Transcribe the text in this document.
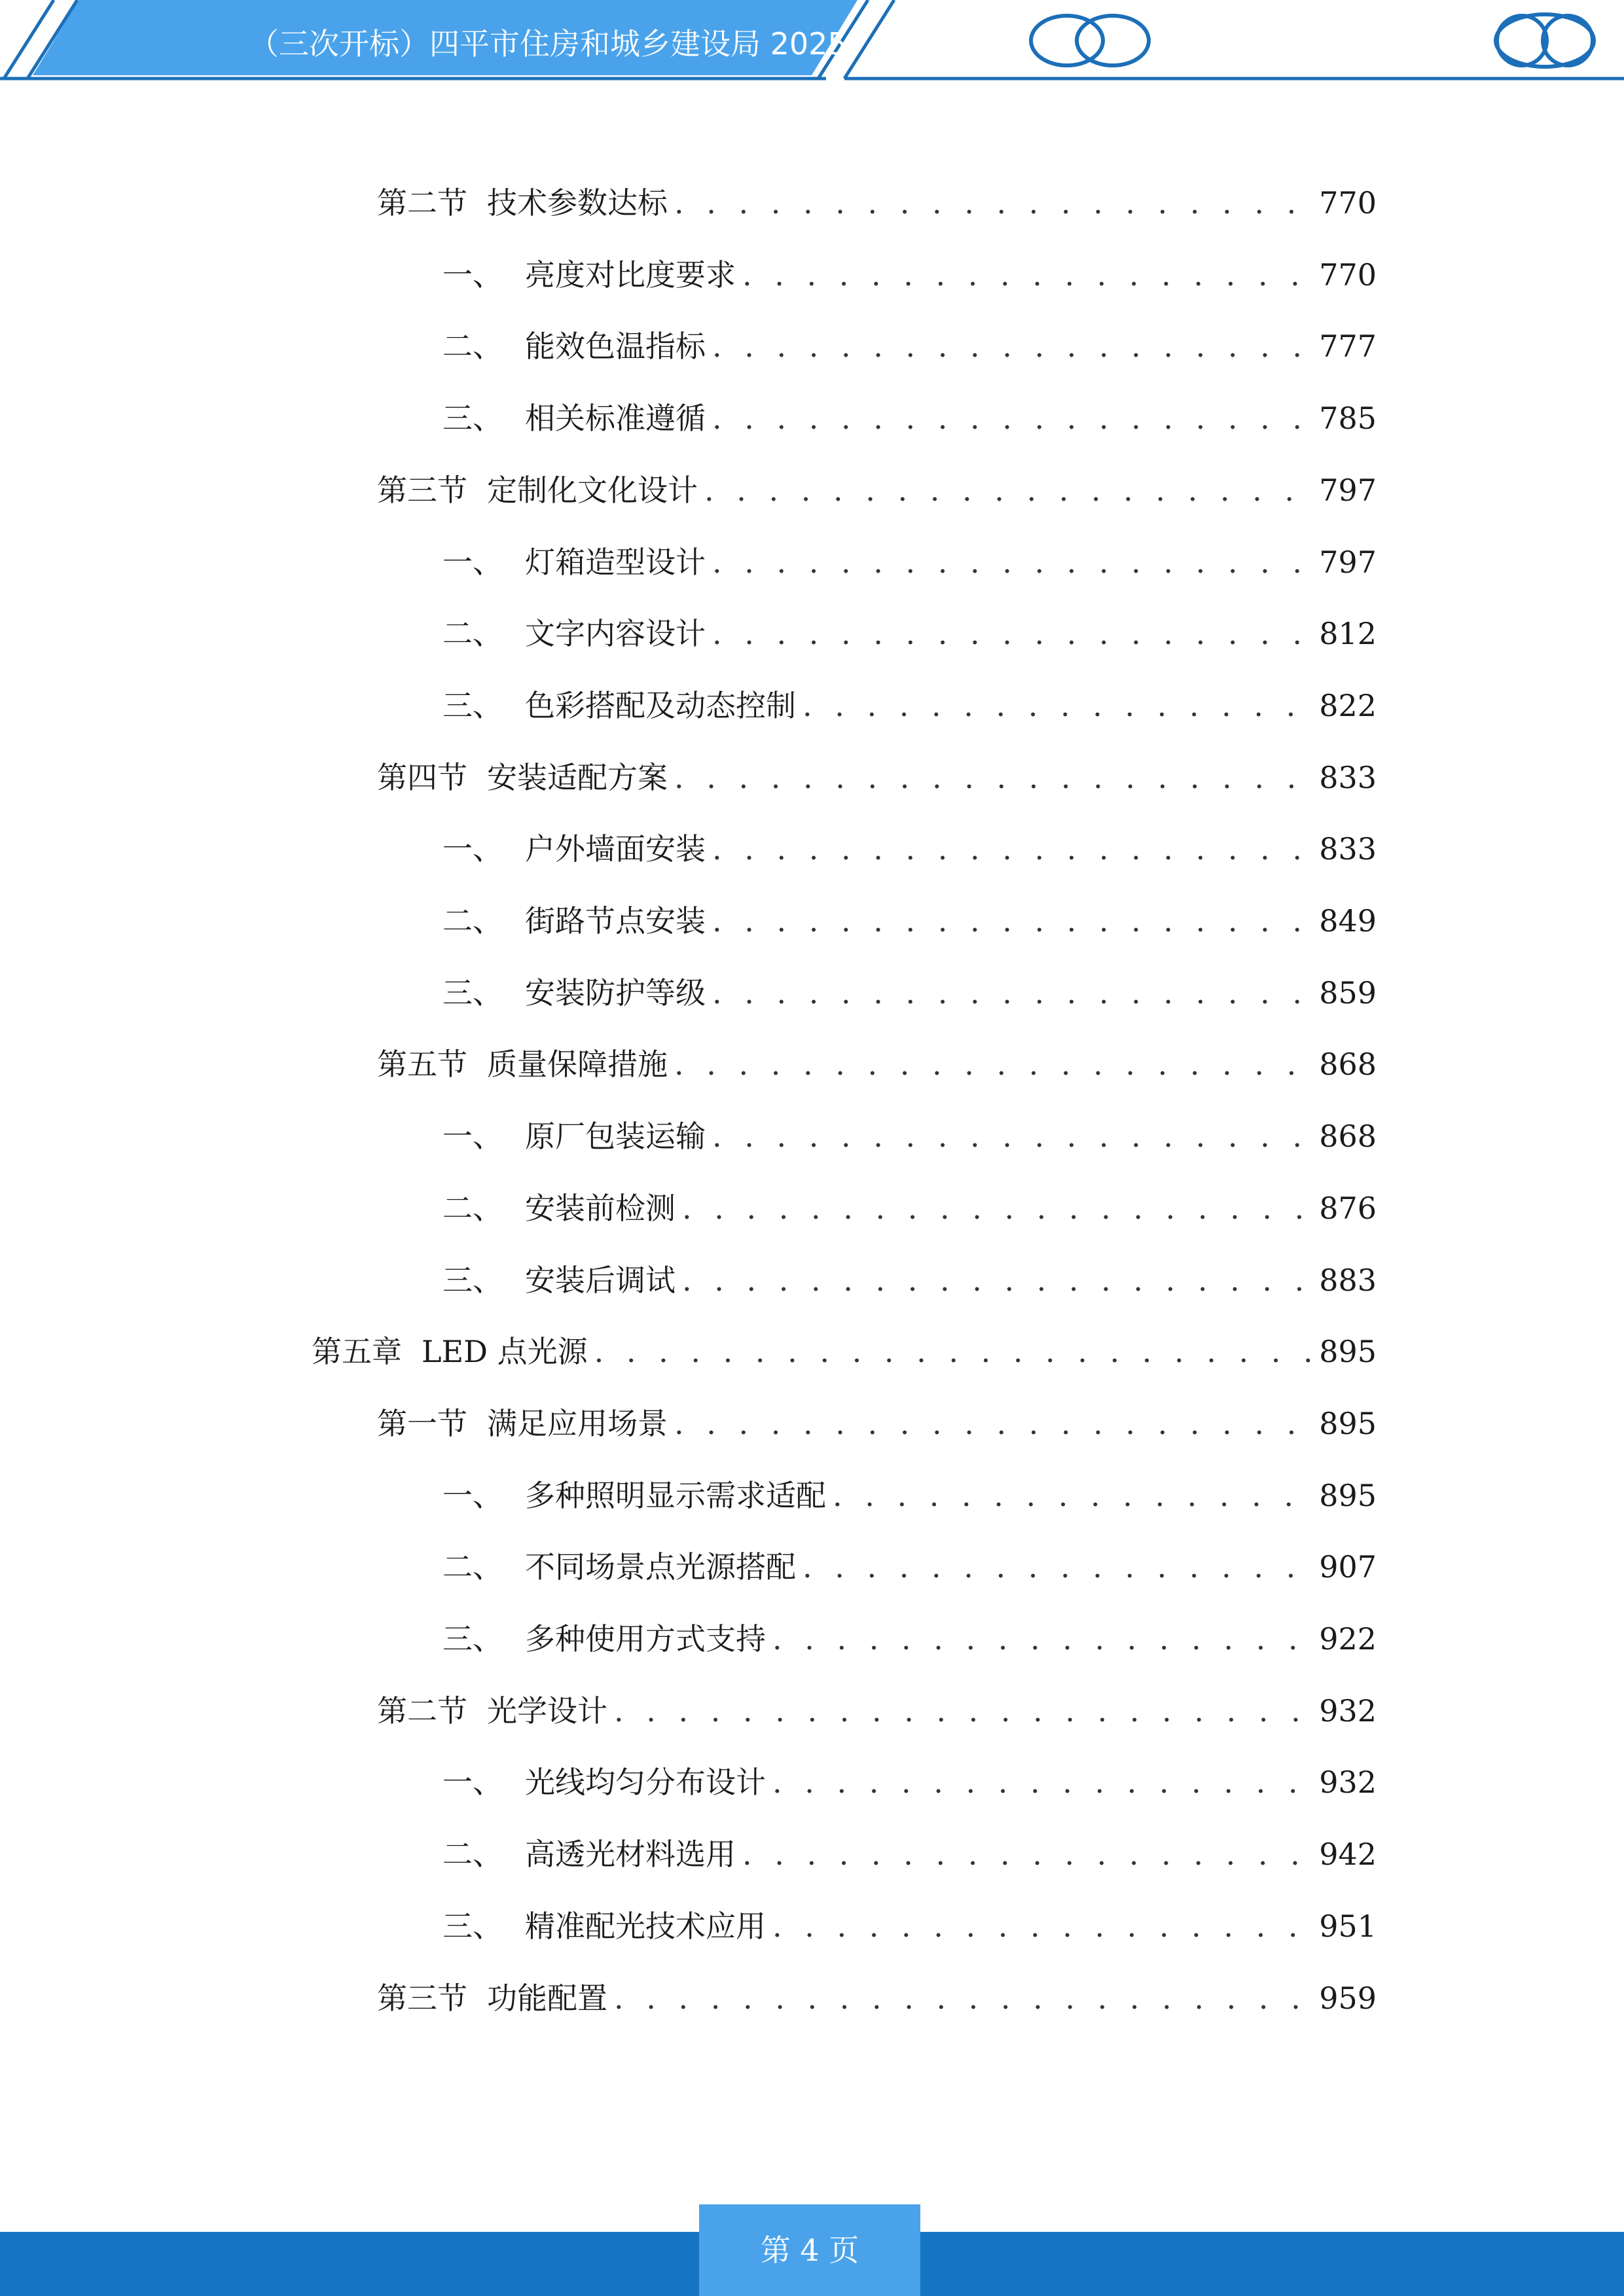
（三次开标）四平市住房和城乡建设局 2025
第二节 技术参数达标 . . .	770
一、 亮度对比度要求 . . .	770
二、 能效色温指标 . . .	777
三、 相关标准遵循 . . .	785
第三节 定制化文化设计 . . .	797
一、 灯箱造型设计 . . .	797
二、 文字内容设计 . . .	812
三、 色彩搭配及动态控制 . . .	822
第四节 安装适配方案 . . .	833
一、 户外墙面安装 . . .	833
二、 街路节点安装 . . .	849
三、 安装防护等级 . . .	859
第五节 质量保障措施 . . .	868
一、 原厂包装运输 . . .	868
二、 安装前检测 . . .	876
三、 安装后调试 . . .	883
第五章 LED 点光源 . . .	895
第一节 满足应用场景 . . .	895
一、 多种照明显示需求适配 . . .	895
二、 不同场景点光源搭配 . . .	907
三、 多种使用方式支持 . . .	922
第二节 光学设计 . . .	932
一、 光线均匀分布设计 . . .	932
二、 高透光材料选用 . . .	942
三、 精准配光技术应用 . . .	951
第三节 功能配置 . . .	959
第 4 页
